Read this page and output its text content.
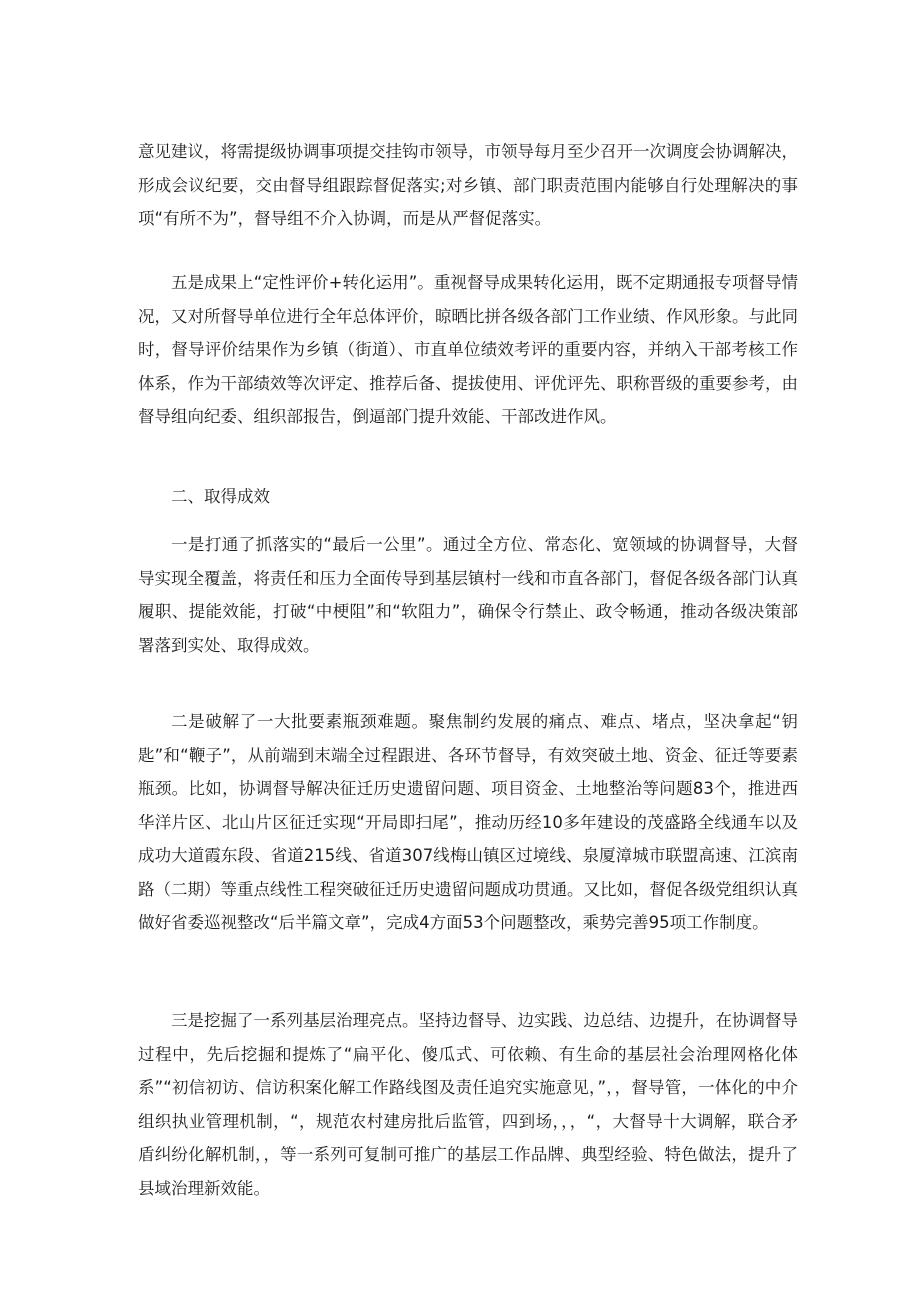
意见建议，将需提级协调事项提交挂钩市领导，市领导每月至少召开一次调度会协调解决，形成会议纪要，交由督导组跟踪督促落实;对乡镇、部门职责范围内能够自行处理解决的事项“有所不为”，督导组不介入协调，而是从严督促落实。

五是成果上“定性评价+转化运用”。重视督导成果转化运用，既不定期通报专项督导情况，又对所督导单位进行全年总体评价，晾晒比拼各级各部门工作业绩、作风形象。与此同时，督导评价结果作为乡镇（街道）、市直单位绩效考评的重要内容，并纳入干部考核工作体系，作为干部绩效等次评定、推荐后备、提拔使用、评优评先、职称晋级的重要参考，由督导组向纪委、组织部报告，倒逼部门提升效能、干部改进作风。

二、取得成效

一是打通了抓落实的“最后一公里”。通过全方位、常态化、宽领域的协调督导，大督导实现全覆盖，将责任和压力全面传导到基层镇村一线和市直各部门，督促各级各部门认真履职、提能效能，打破“中梗阻”和“软阻力”，确保令行禁止、政令畅通，推动各级决策部署落到实处、取得成效。

二是破解了一大批要素瓶颈难题。聚焦制约发展的痛点、难点、堵点，坚决拿起“钥匙”和“鞭子”，从前端到末端全过程跟进、各环节督导，有效突破土地、资金、征迁等要素瓶颈。比如，协调督导解决征迁历史遗留问题、项目资金、土地整治等问题83个，推进西华洋片区、北山片区征迁实现“开局即扫尾”，推动历经10多年建设的茂盛路全线通车以及成功大道霞东段、省道215线、省道307线梅山镇区过境线、泉厦漳城市联盟高速、江滨南路（二期）等重点线性工程突破征迁历史遗留问题成功贯通。又比如，督促各级党组织认真做好省委巡视整改“后半篇文章”，完成4方面53个问题整改，乘势完善95项工作制度。

三是挖掘了一系列基层治理亮点。坚持边督导、边实践、边总结、边提升，在协调督导过程中，先后挖掘和提炼了“扁平化、傻瓜式、可依赖、有生命的基层社会治理网格化体系”“初信初访、信访积案化解工作路线图及责任追究实施意见，”，，督导管，一体化的中介组织执业管理机制，“，规范农村建房批后监管，四到场，，，“，大督导十大调解，联合矛盾纠纷化解机制，，等一系列可复制可推广的基层工作品牌、典型经验、特色做法，提升了县域治理新效能。
